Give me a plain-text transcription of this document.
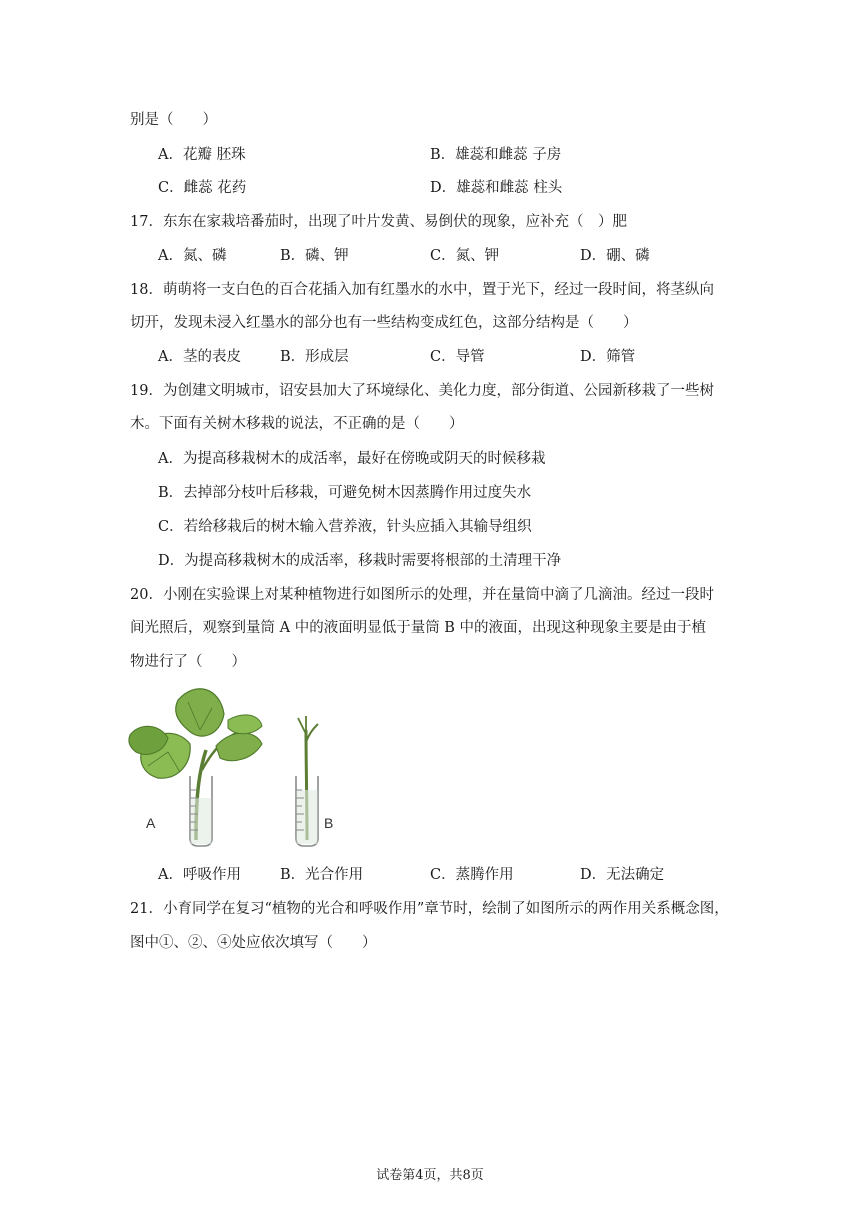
别是（　　）
A．花瓣 胚珠	B．雄蕊和雌蕊 子房
C．雌蕊 花药	D．雄蕊和雌蕊 柱头
17．东东在家栽培番茄时，出现了叶片发黄、易倒伏的现象，应补充（　）肥
A．氮、磷	B．磷、钾	C．氮、钾	D．硼、磷
18．萌萌将一支白色的百合花插入加有红墨水的水中，置于光下，经过一段时间，将茎纵向
切开，发现未浸入红墨水的部分也有一些结构变成红色，这部分结构是（　　）
A．茎的表皮	B．形成层	C．导管	D．筛管
19．为创建文明城市，诏安县加大了环境绿化、美化力度，部分街道、公园新移栽了一些树
木。下面有关树木移栽的说法，不正确的是（　　）
A．为提高移栽树木的成活率，最好在傍晚或阴天的时候移栽
B．去掉部分枝叶后移栽，可避免树木因蒸腾作用过度失水
C．若给移栽后的树木输入营养液，针头应插入其输导组织
D．为提高移栽树木的成活率，移栽时需要将根部的土清理干净
20．小刚在实验课上对某种植物进行如图所示的处理，并在量筒中滴了几滴油。经过一段时
间光照后，观察到量筒 A 中的液面明显低于量筒 B 中的液面，出现这种现象主要是由于植
物进行了（　　）
A	B
A．呼吸作用	B．光合作用	C．蒸腾作用	D．无法确定
21．小育同学在复习“植物的光合和呼吸作用”章节时，绘制了如图所示的两作用关系概念图，
图中①、②、④处应依次填写（　　）
试卷第4页，共8页
